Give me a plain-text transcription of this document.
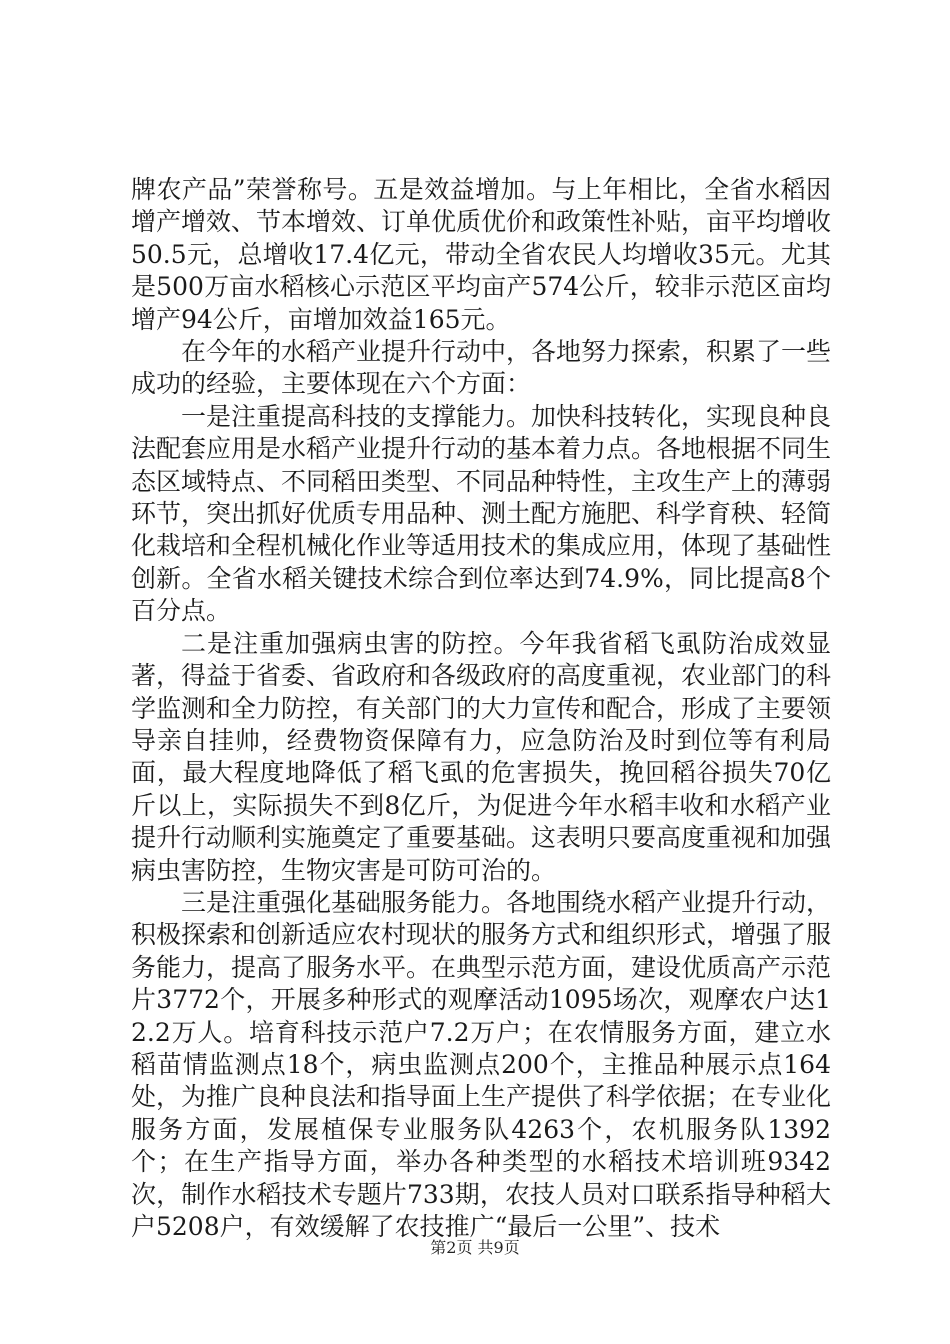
牌农产品”荣誉称号。五是效益增加。与上年相比，全省水稻因增产增效、节本增效、订单优质优价和政策性补贴，亩平均增收50.5元，总增收17.4亿元，带动全省农民人均增收35元。尤其是500万亩水稻核心示范区平均亩产574公斤，较非示范区亩均增产94公斤，亩增加效益165元。

在今年的水稻产业提升行动中，各地努力探索，积累了一些成功的经验，主要体现在六个方面：

一是注重提高科技的支撑能力。加快科技转化，实现良种良法配套应用是水稻产业提升行动的基本着力点。各地根据不同生态区域特点、不同稻田类型、不同品种特性，主攻生产上的薄弱环节，突出抓好优质专用品种、测土配方施肥、科学育秧、轻简化栽培和全程机械化作业等适用技术的集成应用，体现了基础性创新。全省水稻关键技术综合到位率达到74.9%，同比提高8个百分点。

二是注重加强病虫害的防控。今年我省稻飞虱防治成效显著，得益于省委、省政府和各级政府的高度重视，农业部门的科学监测和全力防控，有关部门的大力宣传和配合，形成了主要领导亲自挂帅，经费物资保障有力，应急防治及时到位等有利局面，最大程度地降低了稻飞虱的危害损失，挽回稻谷损失70亿斤以上，实际损失不到8亿斤，为促进今年水稻丰收和水稻产业提升行动顺利实施奠定了重要基础。这表明只要高度重视和加强病虫害防控，生物灾害是可防可治的。

三是注重强化基础服务能力。各地围绕水稻产业提升行动，积极探索和创新适应农村现状的服务方式和组织形式，增强了服务能力，提高了服务水平。在典型示范方面，建设优质高产示范片3772个，开展多种形式的观摩活动1095场次，观摩农户达12.2万人。培育科技示范户7.2万户；在农情服务方面，建立水稻苗情监测点18个，病虫监测点200个，主推品种展示点164处，为推广良种良法和指导面上生产提供了科学依据；在专业化服务方面，发展植保专业服务队4263个，农机服务队1392个；在生产指导方面，举办各种类型的水稻技术培训班9342次，制作水稻技术专题片733期，农技人员对口联系指导种稻大户5208户，有效缓解了农技推广“最后一公里”、技术

第2页 共9页
